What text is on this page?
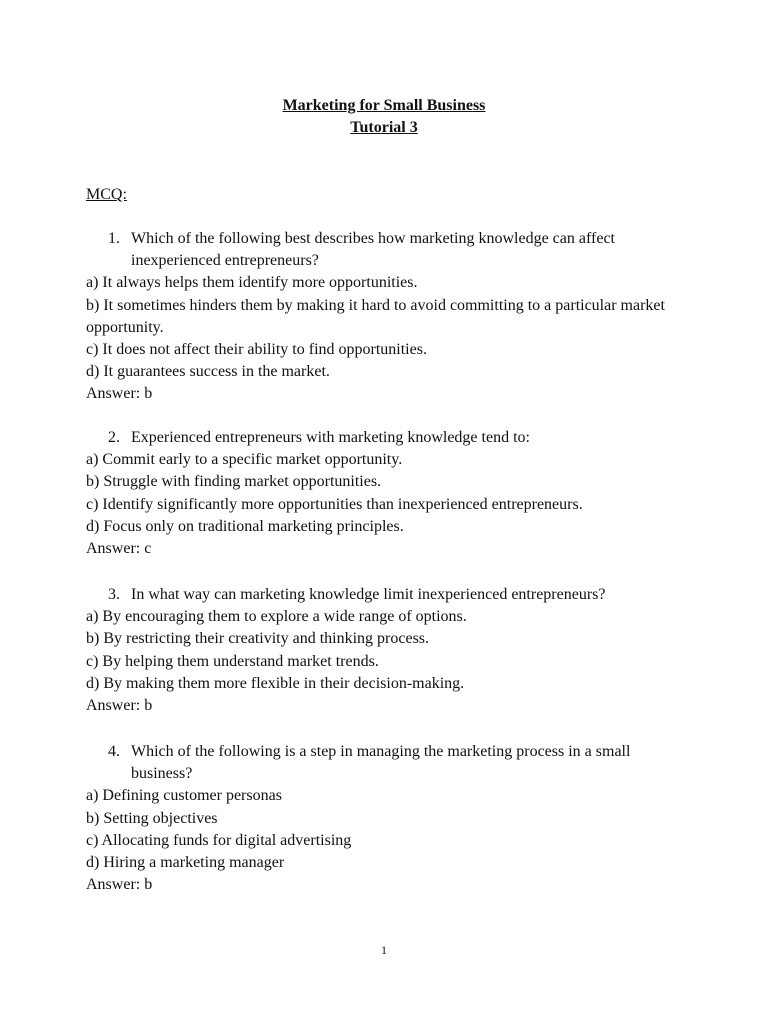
Marketing for Small Business
Tutorial 3
MCQ:
1. Which of the following best describes how marketing knowledge can affect inexperienced entrepreneurs?
a) It always helps them identify more opportunities.
b) It sometimes hinders them by making it hard to avoid committing to a particular market opportunity.
c) It does not affect their ability to find opportunities.
d) It guarantees success in the market.
Answer: b
2. Experienced entrepreneurs with marketing knowledge tend to:
a) Commit early to a specific market opportunity.
b) Struggle with finding market opportunities.
c) Identify significantly more opportunities than inexperienced entrepreneurs.
d) Focus only on traditional marketing principles.
Answer: c
3. In what way can marketing knowledge limit inexperienced entrepreneurs?
a) By encouraging them to explore a wide range of options.
b) By restricting their creativity and thinking process.
c) By helping them understand market trends.
d) By making them more flexible in their decision-making.
Answer: b
4. Which of the following is a step in managing the marketing process in a small business?
a) Defining customer personas
b) Setting objectives
c) Allocating funds for digital advertising
d) Hiring a marketing manager
Answer: b
1
